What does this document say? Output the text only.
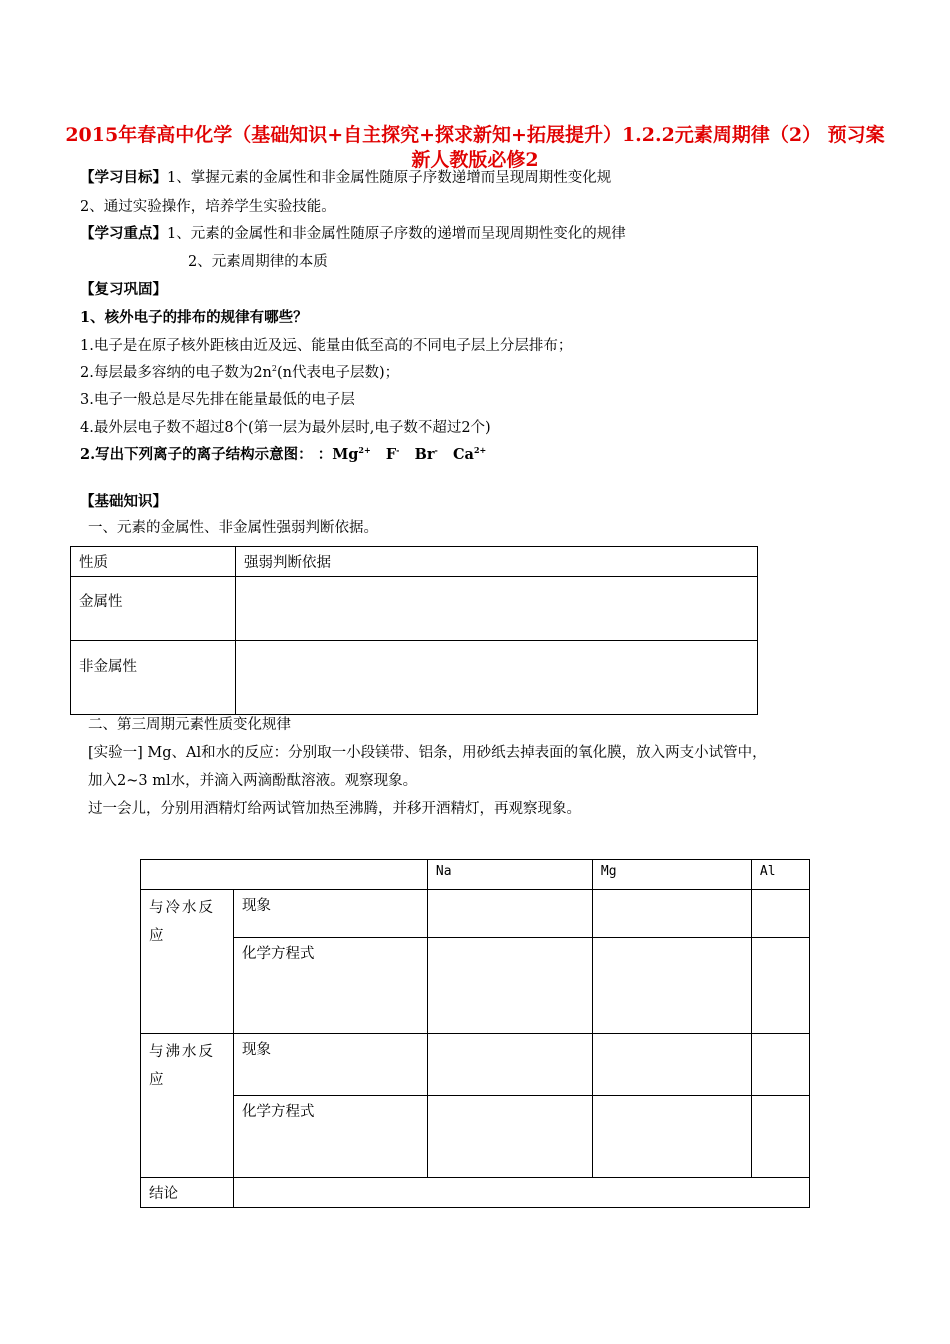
2015年春高中化学（基础知识+自主探究+探求新知+拓展提升）1.2.2元素周期律（2） 预习案 新人教版必修2
【学习目标】1、掌握元素的金属性和非金属性随原子序数递增而呈现周期性变化规
2、通过实验操作，培养学生实验技能。
【学习重点】1、元素的金属性和非金属性随原子序数的递增而呈现周期性变化的规律
2、元素周期律的本质
【复习巩固】
1、核外电子的排布的规律有哪些？
1.电子是在原子核外距核由近及远、能量由低至高的不同电子层上分层排布；
2.每层最多容纳的电子数为$2n^2(n$代表电子层数)；
3.电子一般总是尽先排在能量最低的电子层
4.最外层电子数不超过8个(第一层为最外层时,电子数不超过2个)
2.写出下列离子的离子结构示意图： ：$Mg^{2+}$ F- Br- $Ca^{2+}$
【基础知识】
一、元素的金属性、非金属性强弱判断依据。
性质	强弱判断依据
金属性	
非金属性	
二、第三周期元素性质变化规律
[实验一] Mg、Al和水的反应：分别取一小段镁带、铝条，用砂纸去掉表面的氧化膜，放入两支小试管中，
加入2~3 ml水，并滴入两滴酚酞溶液。观察现象。
过一会儿，分别用酒精灯给两试管加热至沸腾，并移开酒精灯，再观察现象。
		Na	Mg	Al
与冷水反应	现象			
	化学方程式			
与沸水反应	现象			
	化学方程式			
结论				
